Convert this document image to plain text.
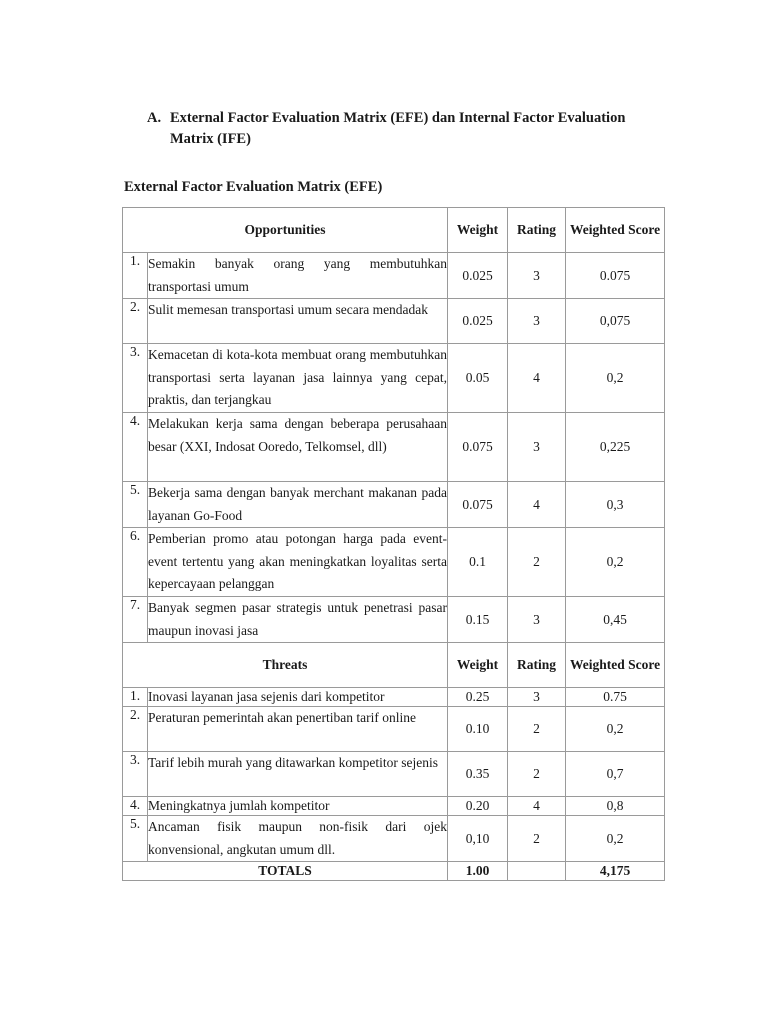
A. External Factor Evaluation Matrix (EFE) dan Internal Factor Evaluation Matrix (IFE)
External Factor Evaluation Matrix (EFE)
Opportunities		Weight	Rating	Weighted Score
1.	Semakin banyak orang yang membutuhkan transportasi umum	0.025	3	0.075
2.	Sulit memesan transportasi umum secara mendadak	0.025	3	0,075
3.	Kemacetan di kota-kota membuat orang membutuhkan transportasi serta layanan jasa lainnya yang cepat, praktis, dan terjangkau	0.05	4	0,2
4.	Melakukan kerja sama dengan beberapa perusahaan besar (XXI, Indosat Ooredo, Telkomsel, dll)	0.075	3	0,225
5.	Bekerja sama dengan banyak merchant makanan pada layanan Go-Food	0.075	4	0,3
6.	Pemberian promo atau potongan harga pada event-event tertentu yang akan meningkatkan loyalitas serta kepercayaan pelanggan	0.1	2	0,2
7.	Banyak segmen pasar strategis untuk penetrasi pasar maupun inovasi jasa	0.15	3	0,45
Threats		Weight	Rating	Weighted Score
1.	Inovasi layanan jasa sejenis dari kompetitor	0.25	3	0.75
2.	Peraturan pemerintah akan penertiban tarif online	0.10	2	0,2
3.	Tarif lebih murah yang ditawarkan kompetitor sejenis	0.35	2	0,7
4.	Meningkatnya jumlah kompetitor	0.20	4	0,8
5.	Ancaman fisik maupun non-fisik dari ojek konvensional, angkutan umum dll.	0,10	2	0,2
TOTALS		1.00		4,175
